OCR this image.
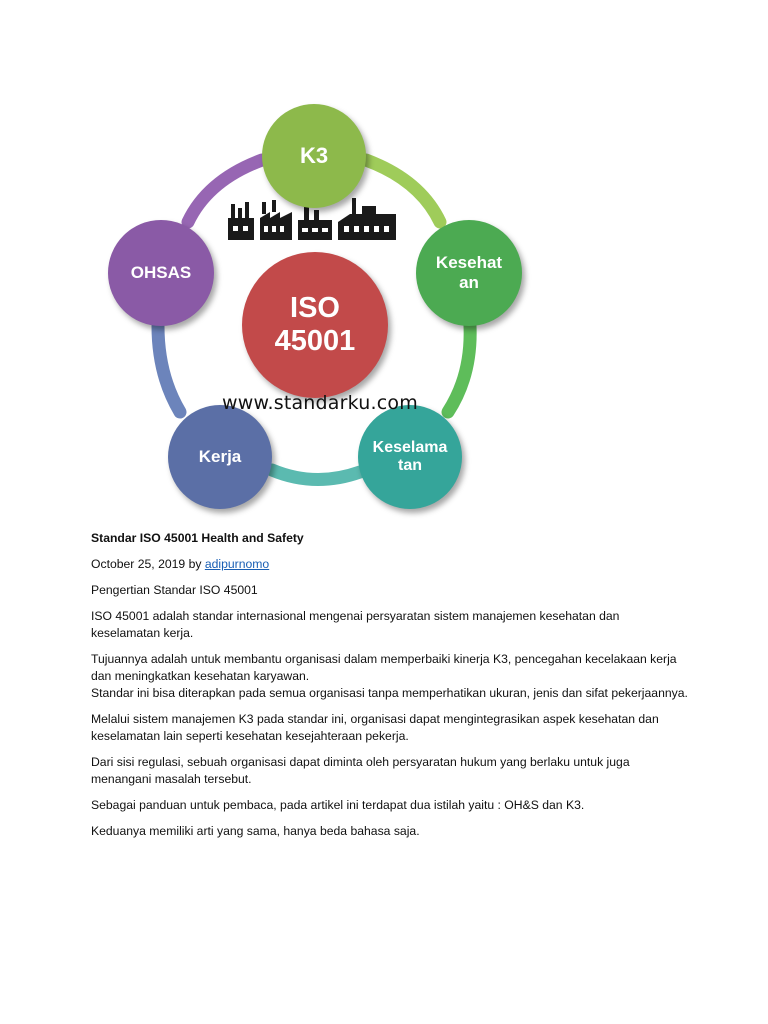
K3
Kesehat
an
Keselama
tan
Kerja
OHSAS
ISO
45001
www.standarku.com

Standar ISO 45001 Health and Safety

October 25, 2019 by adipurnomo

Pengertian Standar ISO 45001

ISO 45001 adalah standar internasional mengenai persyaratan sistem manajemen kesehatan dan keselamatan kerja.

Tujuannya adalah untuk membantu organisasi dalam memperbaiki kinerja K3, pencegahan kecelakaan kerja dan meningkatkan kesehatan karyawan.
Standar ini bisa diterapkan pada semua organisasi tanpa memperhatikan ukuran, jenis dan sifat pekerjaannya.

Melalui sistem manajemen K3 pada standar ini, organisasi dapat mengintegrasikan aspek kesehatan dan keselamatan lain seperti kesehatan kesejahteraan pekerja.

Dari sisi regulasi, sebuah organisasi dapat diminta oleh persyaratan hukum yang berlaku untuk juga menangani masalah tersebut.

Sebagai panduan untuk pembaca, pada artikel ini terdapat dua istilah yaitu : OH&S dan K3.

Keduanya memiliki arti yang sama, hanya beda bahasa saja.
